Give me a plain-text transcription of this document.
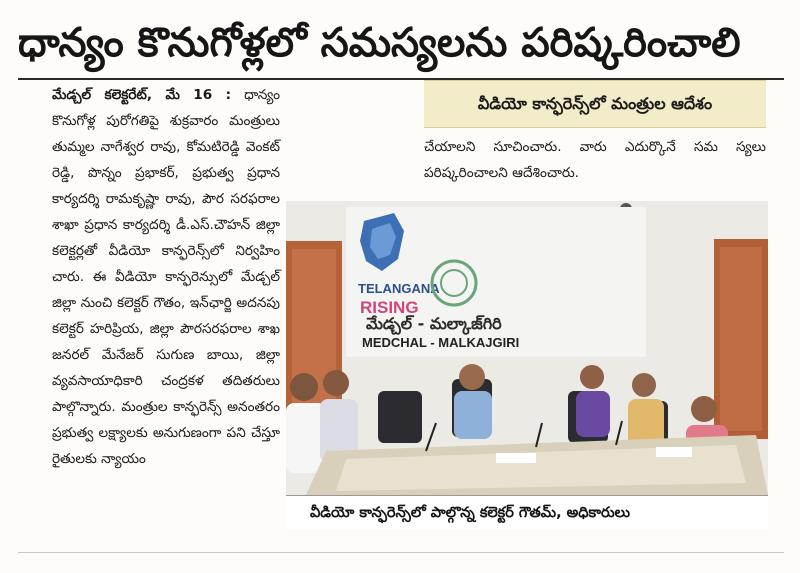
ధాన్యం కొనుగోళ్లలో సమస్యలను పరిష్కరించాలి

మేడ్చల్ కలెక్టరేట్, మే 16 : ధాన్యం కొనుగోళ్ల పురోగతిపై శుక్రవారం మంత్రులు తుమ్మల నాగేశ్వర రావు, కోమటిరెడ్డి వెంకట్ రెడ్డి, పొన్నం ప్రభాకర్, ప్రభుత్వ ప్రధాన కార్యదర్శి రామకృష్ణా రావు, పౌర సరఫరాల శాఖా ప్రధాన కార్యదర్శి డీ.ఎస్.చౌహన్ జిల్లా కలెక్టర్లతో వీడియో కాన్ఫరెన్స్‌లో నిర్వహిం చారు. ఈ వీడియో కాన్ఫరెన్సులో మేడ్చల్ జిల్లా నుంచి కలెక్టర్ గౌతం, ఇన్‌ఛార్జి అదనపు కలెక్టర్ హరిప్రియ, జిల్లా పౌరసరఫరాల శాఖ జనరల్ మేనేజర్ సుగుణ బాయి, జిల్లా వ్యవసాయాధికారి చంద్రకళ తదితరులు పాల్గొన్నారు. మంత్రుల కాన్ఫరెన్స్ అనంతరం ప్రభుత్వ లక్ష్యాలకు అనుగుణంగా పని చేస్తూ రైతులకు న్యాయం

వీడియో కాన్ఫరెన్స్‌లో మంత్రుల ఆదేశం

చేయాలని సూచించారు. వారు ఎదుర్కొనే సమ స్యలు పరిష్కరించాలని ఆదేశించారు.

TELANGANA
RISING
మేడ్చల్ - మల్కాజ్‌గిరి
MEDCHAL - MALKAJGIRI
వీడియో కాన్ఫరెన్స్‌లో పాల్గొన్న కలెక్టర్ గౌతమ్, అధికారులు
